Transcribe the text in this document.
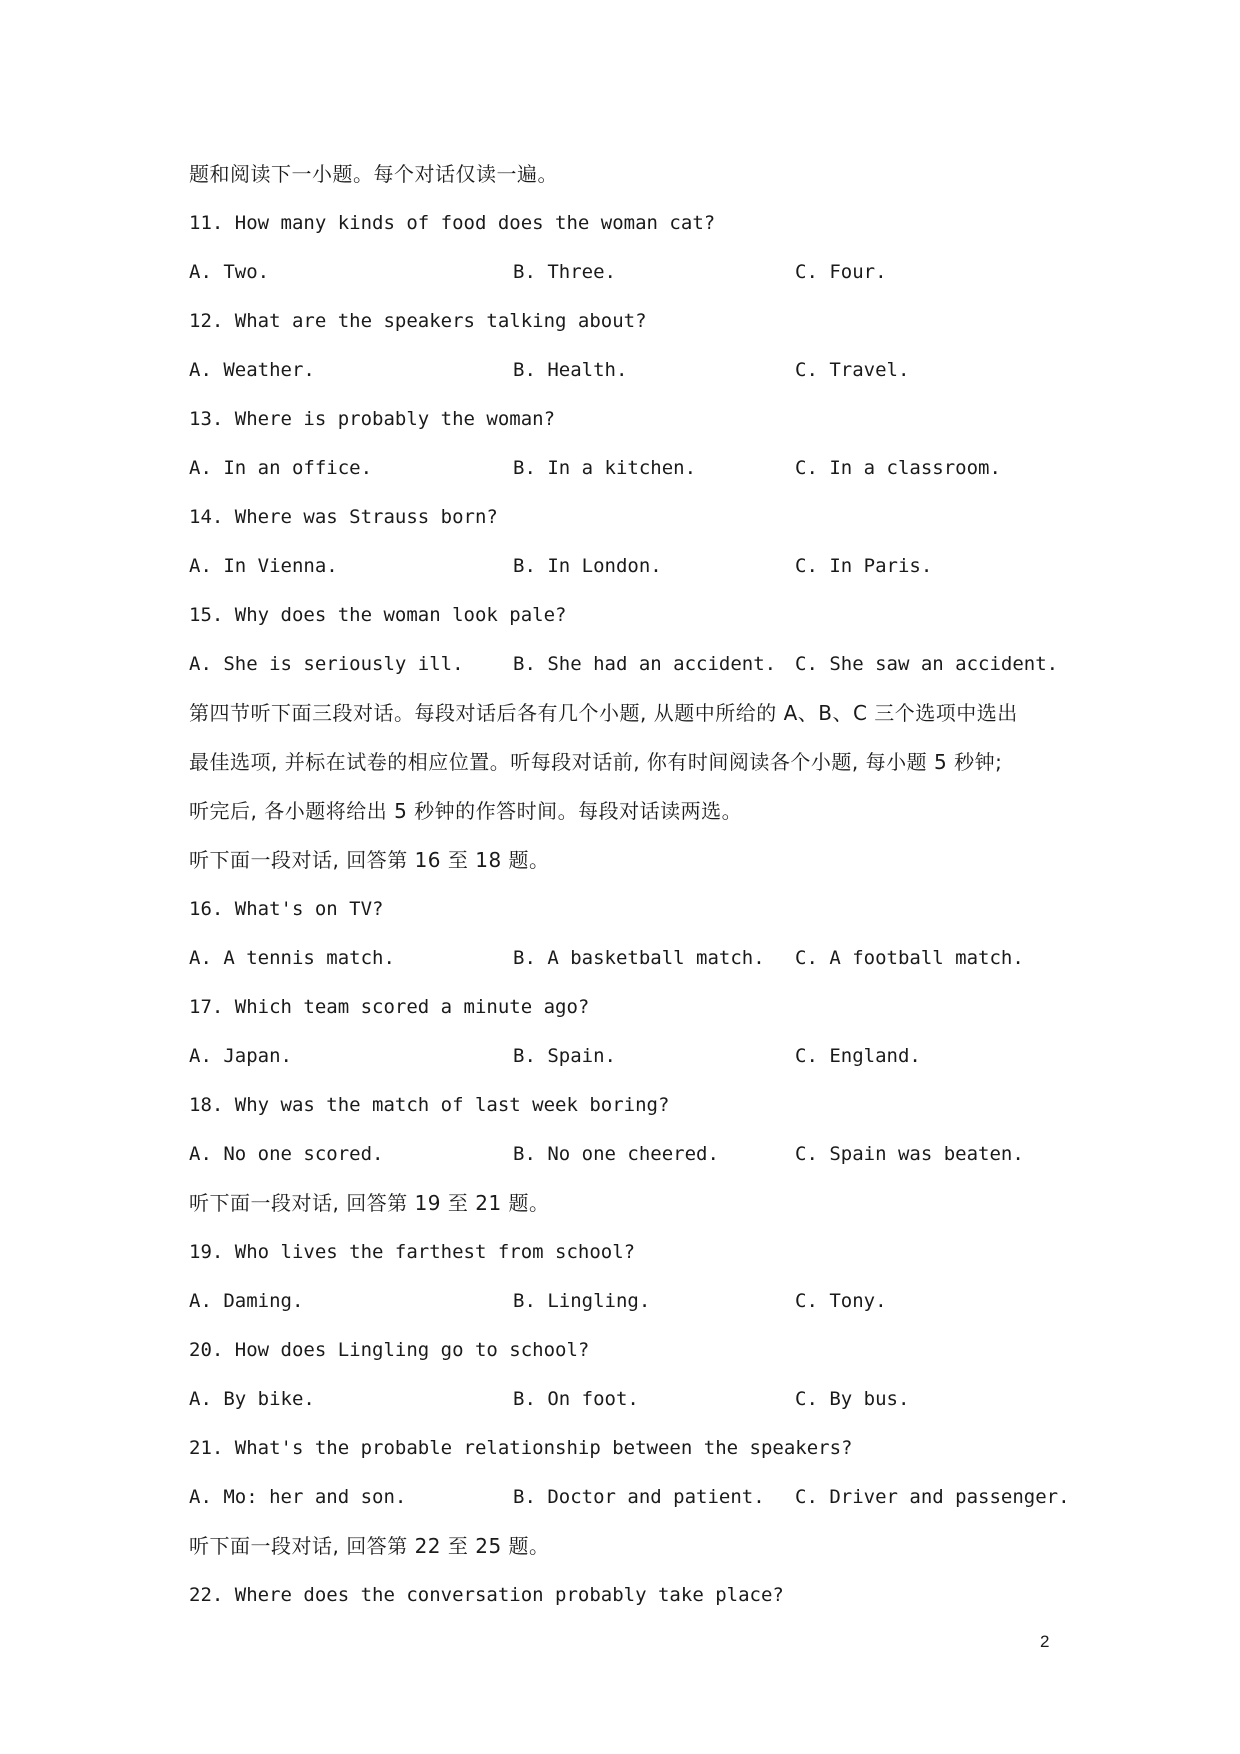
题和阅读下一小题。每个对话仅读一遍。
11. How many kinds of food does the woman cat?
A. Two.	B. Three.	C. Four.
12. What are the speakers talking about?
A. Weather.	B. Health.	C. Travel.
13. Where is probably the woman?
A. In an office.	B. In a kitchen.	C. In a classroom.
14. Where was Strauss born?
A. In Vienna.	B. In London.	C. In Paris.
15. Why does the woman look pale?
A. She is seriously ill.	B. She had an accident. C. She saw an accident.
第四节听下面三段对话。每段对话后各有几个小题, 从题中所给的 A、B、C 三个选项中选出
最佳选项, 并标在试卷的相应位置。听每段对话前, 你有时间阅读各个小题, 每小题 5 秒钟;
听完后, 各小题将给出 5 秒钟的作答时间。每段对话读两选。
听下面一段对话, 回答第 16 至 18 题。
16. What's on TV?
A. A tennis match.	B. A basketball match. C. A football match.
17. Which team scored a minute ago?
A. Japan.	B. Spain.	C. England.
18. Why was the match of last week boring?
A. No one scored.	B. No one cheered.	C. Spain was beaten.
听下面一段对话, 回答第 19 至 21 题。
19. Who lives the farthest from school?
A. Daming.	B. Lingling.	C. Tony.
20. How does Lingling go to school?
A. By bike.	B. On foot.	C. By bus.
21. What's the probable relationship between the speakers?
A. Mo: her and son.	B. Doctor and patient. C. Driver and passenger.
听下面一段对话, 回答第 22 至 25 题。
22. Where does the conversation probably take place?
2
